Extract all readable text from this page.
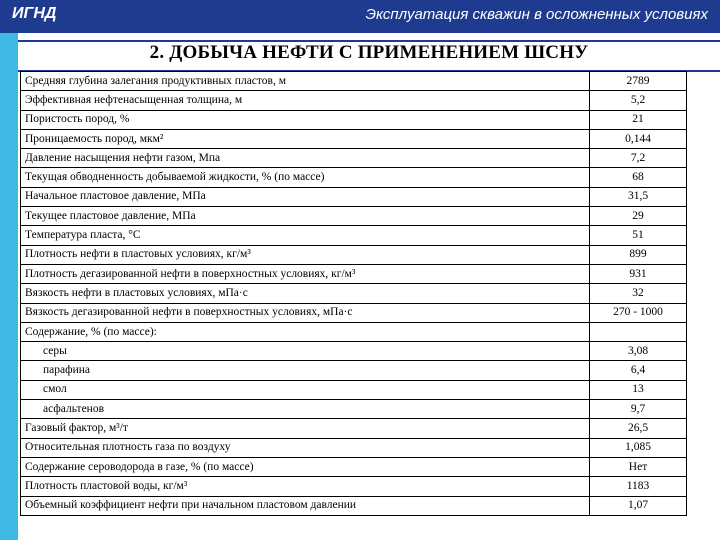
ИГНД	Эксплуатация скважин в осложненных условиях
2. ДОБЫЧА НЕФТИ С ПРИМЕНЕНИЕМ ШСНУ
Средняя глубина залегания продуктивных пластов, м	2789
Эффективная нефтенасыщенная толщина, м	5,2
Пористость пород, %	21
Проницаемость пород, мкм²	0,144
Давление насыщения нефти газом, Мпа	7,2
Текущая обводненность добываемой жидкости, % (по массе)	68
Начальное пластовое давление, МПа	31,5
Текущее пластовое давление, МПа	29
Температура пласта, °С	51
Плотность нефти в пластовых условиях, кг/м³	899
Плотность дегазированной нефти в поверхностных условиях, кг/м³	931
Вязкость нефти в пластовых условиях, мПа·с	32
Вязкость дегазированной нефти в поверхностных условиях, мПа·с	270 - 1000
Содержание, % (по массе):	
серы	3,08
парафина	6,4
смол	13
асфальтенов	9,7
Газовый фактор, м³/т	26,5
Относительная плотность газа по воздуху	1,085
Содержание сероводорода в газе, % (по массе)	Нет
Плотность пластовой воды, кг/м³	1183
Объемный коэффициент нефти при начальном пластовом давлении	1,07
